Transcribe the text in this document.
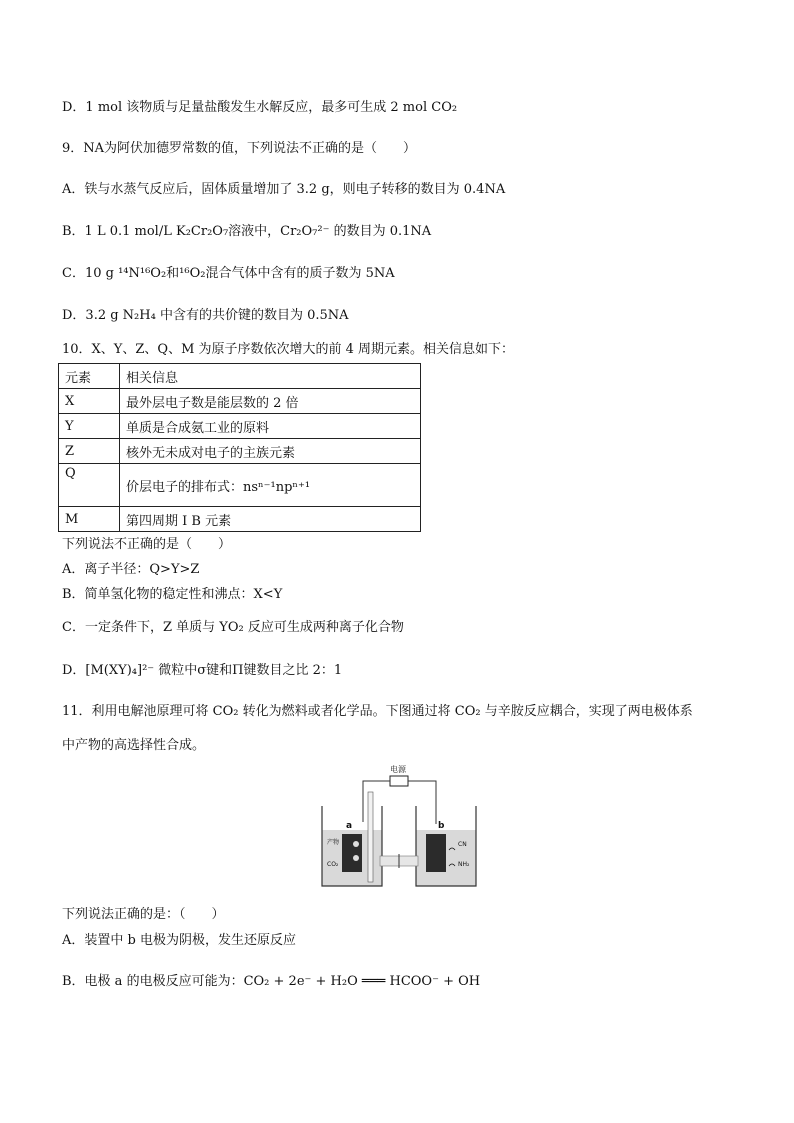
D．1 mol 该物质与足量盐酸发生水解反应，最多可生成 2 mol CO₂
9．NA为阿伏加德罗常数的值，下列说法不正确的是（　　）
A．铁与水蒸气反应后，固体质量增加了 3.2 g，则电子转移的数目为 0.4NA
B．1 L 0.1 mol/L K₂Cr₂O₇溶液中，Cr₂O₇²⁻ 的数目为 0.1NA
C．10 g ¹⁴N¹⁶O₂和¹⁶O₂混合气体中含有的质子数为 5NA
D．3.2 g N₂H₄ 中含有的共价键的数目为 0.5NA
10．X、Y、Z、Q、M 为原子序数依次增大的前 4 周期元素。相关信息如下：
元素	相关信息
X	最外层电子数是能层数的 2 倍
Y	单质是合成氨工业的原料
Z	核外无未成对电子的主族元素
Q	价层电子的排布式：nsⁿ⁻¹npⁿ⁺¹
M	第四周期 I B 元素
下列说法不正确的是（　　）
A．离子半径：Q>Y>Z
B．简单氢化物的稳定性和沸点：X<Y
C．一定条件下，Z 单质与 YO₂ 反应可生成两种离子化合物
D．[M(XY)₄]²⁻ 微粒中σ键和Π键数目之比 2：1
11．利用电解池原理可将 CO₂ 转化为燃料或者化学品。下图通过将 CO₂ 与辛胺反应耦合，实现了两电极体系
中产物的高选择性合成。
电源
a
产物
CO₂
b
CN
NH₂
下列说法正确的是：（　　）
A．装置中 b 电极为阴极，发生还原反应
B．电极 a 的电极反应可能为：CO₂ + 2e⁻ + H₂O ═══ HCOO⁻ + OH
